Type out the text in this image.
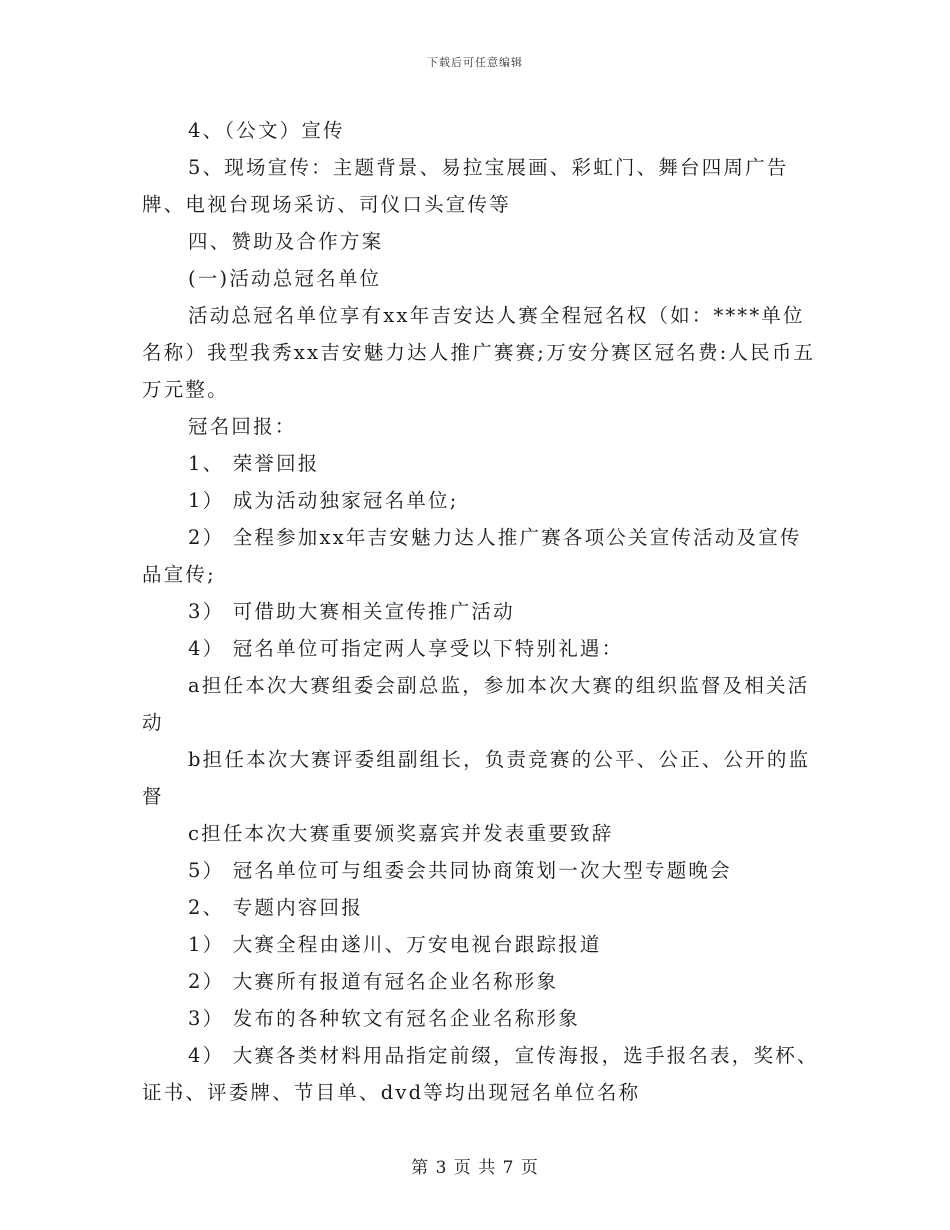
下载后可任意编辑

4、（公文）宣传

5、现场宣传：主题背景、易拉宝展画、彩虹门、舞台四周广告牌、电视台现场采访、司仪口头宣传等

四、赞助及合作方案

(一)活动总冠名单位

活动总冠名单位享有xx年吉安达人赛全程冠名权（如：****单位名称）我型我秀xx吉安魅力达人推广赛赛;万安分赛区冠名费:人民币五万元整。

冠名回报：

1、 荣誉回报

1） 成为活动独家冠名单位;

2） 全程参加xx年吉安魅力达人推广赛各项公关宣传活动及宣传品宣传;

3） 可借助大赛相关宣传推广活动

4） 冠名单位可指定两人享受以下特别礼遇：

a担任本次大赛组委会副总监，参加本次大赛的组织监督及相关活动

b担任本次大赛评委组副组长，负责竞赛的公平、公正、公开的监督

c担任本次大赛重要颁奖嘉宾并发表重要致辞

5） 冠名单位可与组委会共同协商策划一次大型专题晚会

2、 专题内容回报

1） 大赛全程由遂川、万安电视台跟踪报道

2） 大赛所有报道有冠名企业名称形象

3） 发布的各种软文有冠名企业名称形象

4） 大赛各类材料用品指定前缀，宣传海报，选手报名表，奖杯、证书、评委牌、节目单、dvd等均出现冠名单位名称

第 3 页 共 7 页
